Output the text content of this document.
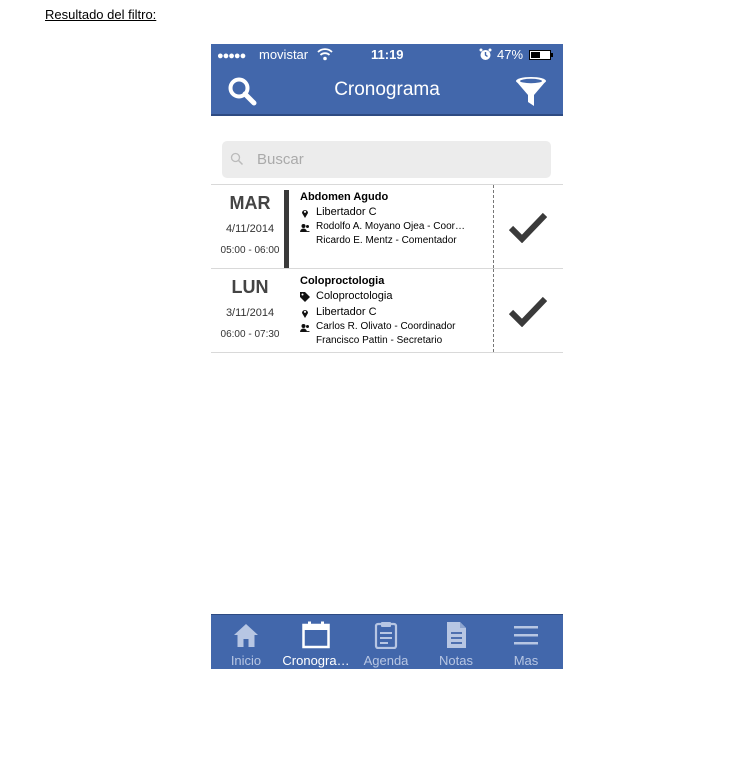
Resultado del filtro:
●●●●● movistar	11:19	47%
Cronograma
Buscar
MAR
4/11/2014
05:00 - 06:00
Abdomen Agudo
Libertador C
Rodolfo A. Moyano Ojea - Coor…
Ricardo E. Mentz - Comentador
LUN
3/11/2014
06:00 - 07:30
Coloproctologia
Coloproctologia
Libertador C
Carlos R. Olivato - Coordinador
Francisco Pattin - Secretario
Inicio	Cronogra…	Agenda	Notas	Mas
